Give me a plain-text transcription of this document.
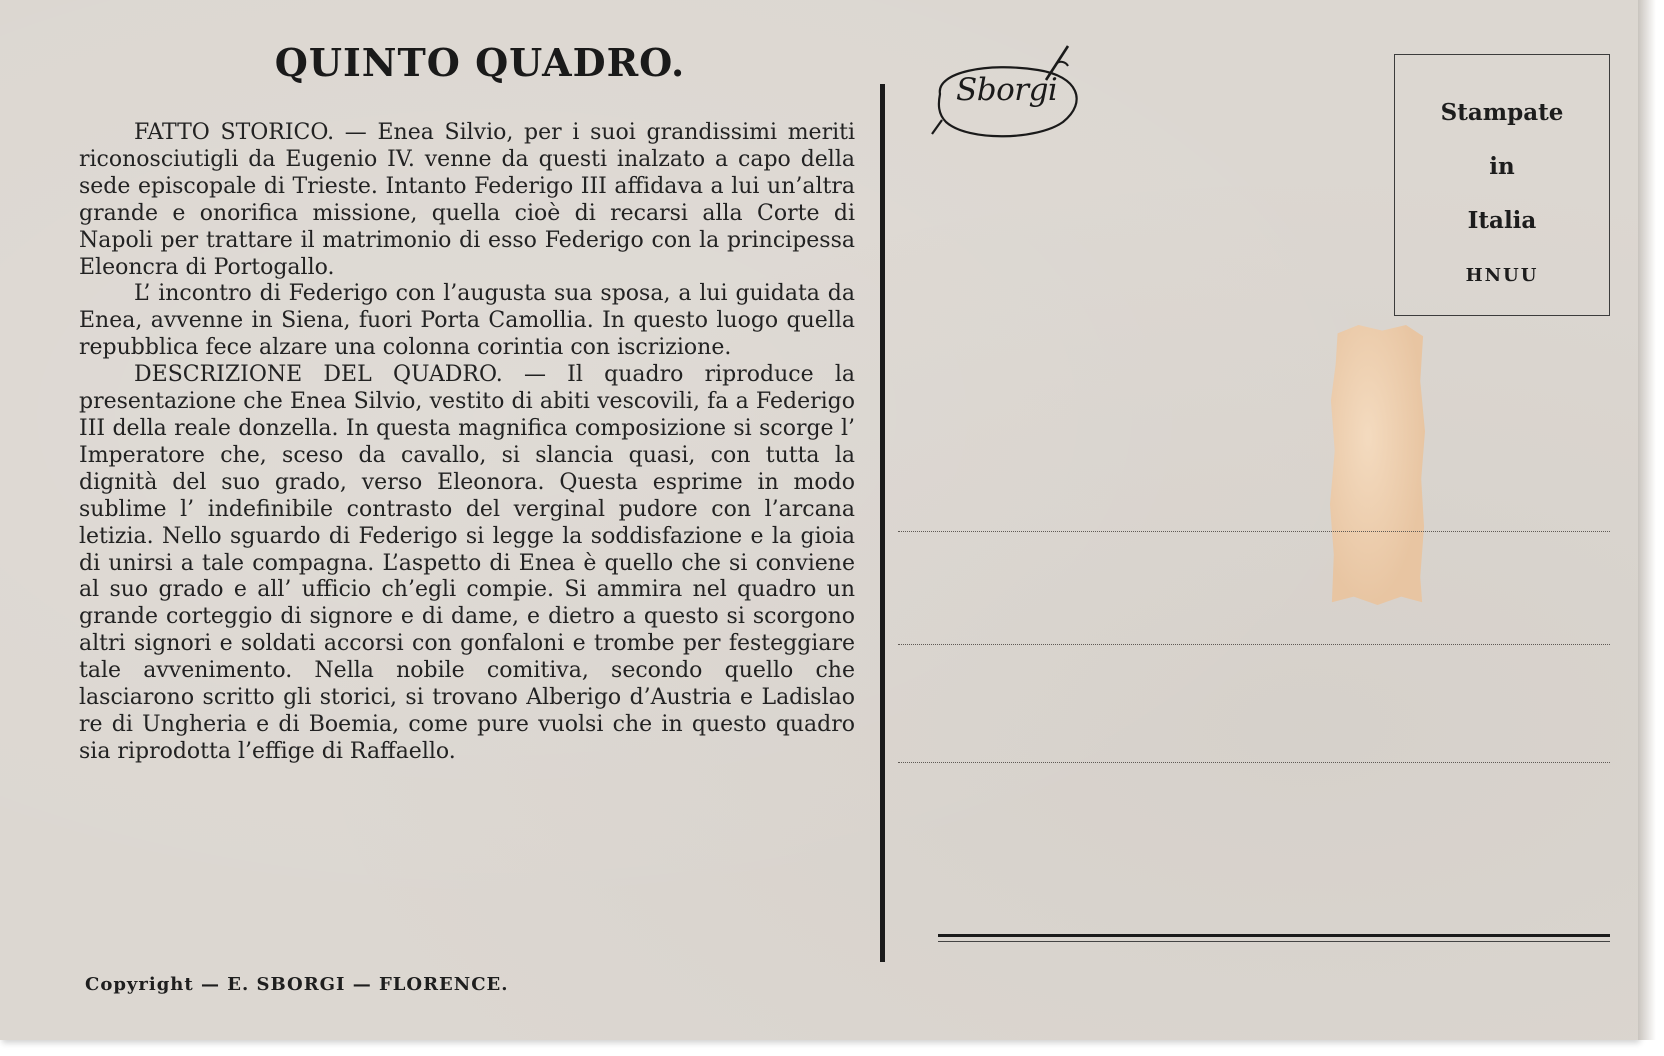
QUINTO QUADRO.

FATTO STORICO. — Enea Silvio, per i suoi grandissimi meriti riconosciutigli da Eugenio IV. venne da questi inalzato a capo della sede episcopale di Trieste. Intanto Federigo III affidava a lui un’altra grande e onorifica missione, quella cioè di recarsi alla Corte di Napoli per trattare il matrimonio di esso Federigo con la principessa Eleoncra di Portogallo.

L’ incontro di Federigo con l’augusta sua sposa, a lui guidata da Enea, avvenne in Siena, fuori Porta Camollia. In questo luogo quella repubblica fece alzare una colonna corintia con iscrizione.

DESCRIZIONE DEL QUADRO. — Il quadro riproduce la presentazione che Enea Silvio, vestito di abiti vescovili, fa a Federigo III della reale donzella. In questa magnifica composizione si scorge l’ Imperatore che, sceso da cavallo, si slancia quasi, con tutta la dignità del suo grado, verso Eleonora. Questa esprime in modo sublime l’ indefinibile contrasto del verginal pudore con l’arcana letizia. Nello sguardo di Federigo si legge la soddisfazione e la gioia di unirsi a tale compagna. L’aspetto di Enea è quello che si conviene al suo grado e all’ ufficio ch’egli compie. Si ammira nel quadro un grande corteggio di signore e di dame, e dietro a questo si scorgono altri signori e soldati accorsi con gonfaloni e trombe per festeggiare tale avvenimento. Nella nobile comitiva, secondo quello che lasciarono scritto gli storici, si trovano Alberigo d’Austria e Ladislao re di Ungheria e di Boemia, come pure vuolsi che in questo quadro sia riprodotta l’effige di Raffaello.

Copyright — E. SBORGI — FLORENCE.
Sborgi
Stampate
in
Italia
HNUU
